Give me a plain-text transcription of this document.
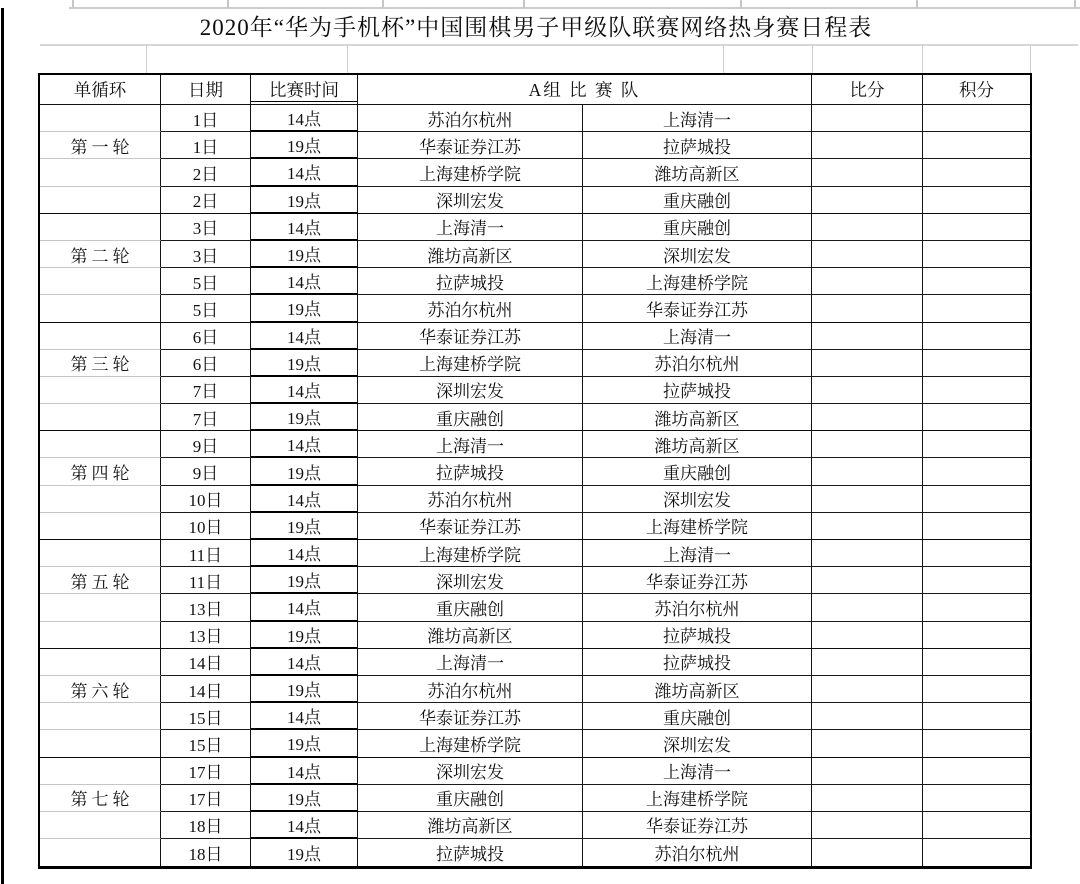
2020年“华为手机杯”中国围棋男子甲级队联赛网络热身赛日程表
单循环	日期	比赛时间	A组 比 赛 队	比分	积分
1日	14点	苏泊尔杭州	上海清一
第一轮	1日	19点	华泰证券江苏	拉萨城投
2日	14点	上海建桥学院	潍坊高新区
2日	19点	深圳宏发	重庆融创
3日	14点	上海清一	重庆融创
第二轮	3日	19点	潍坊高新区	深圳宏发
5日	14点	拉萨城投	上海建桥学院
5日	19点	苏泊尔杭州	华泰证券江苏
6日	14点	华泰证券江苏	上海清一
第三轮	6日	19点	上海建桥学院	苏泊尔杭州
7日	14点	深圳宏发	拉萨城投
7日	19点	重庆融创	潍坊高新区
9日	14点	上海清一	潍坊高新区
第四轮	9日	19点	拉萨城投	重庆融创
10日	14点	苏泊尔杭州	深圳宏发
10日	19点	华泰证券江苏	上海建桥学院
11日	14点	上海建桥学院	上海清一
第五轮	11日	19点	深圳宏发	华泰证券江苏
13日	14点	重庆融创	苏泊尔杭州
13日	19点	潍坊高新区	拉萨城投
14日	14点	上海清一	拉萨城投
第六轮	14日	19点	苏泊尔杭州	潍坊高新区
15日	14点	华泰证券江苏	重庆融创
15日	19点	上海建桥学院	深圳宏发
17日	14点	深圳宏发	上海清一
第七轮	17日	19点	重庆融创	上海建桥学院
18日	14点	潍坊高新区	华泰证券江苏
18日	19点	拉萨城投	苏泊尔杭州
